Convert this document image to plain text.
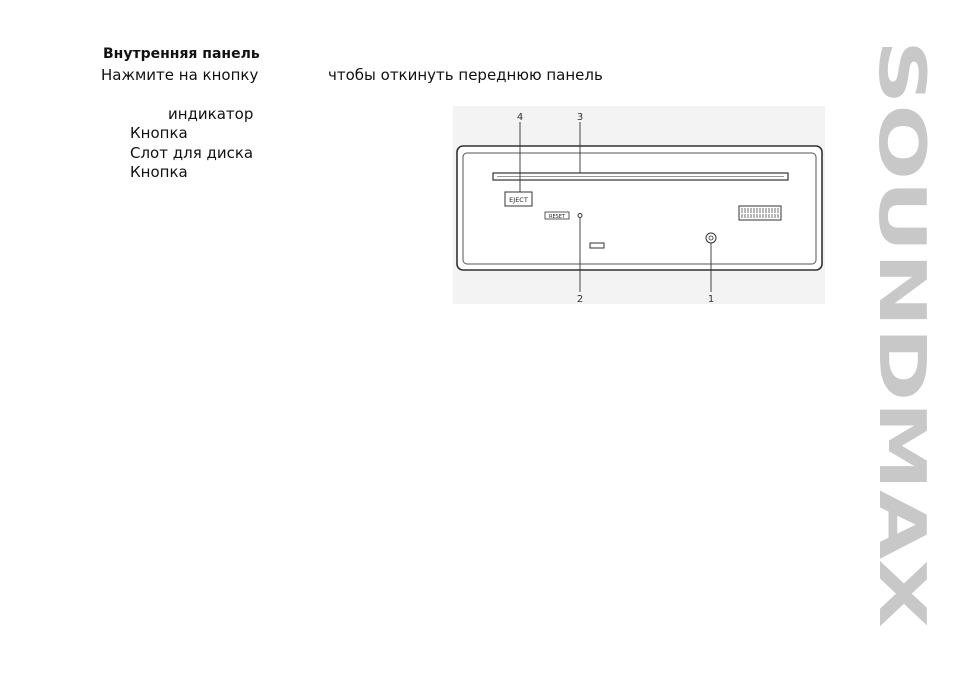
Внутренняя панель
Нажмите на кнопку	чтобы откинуть переднюю панель
индикатор
Кнопка
Слот для диска
Кнопка
EJECT
RESET
4	3
2	1 SOUNDMAX
